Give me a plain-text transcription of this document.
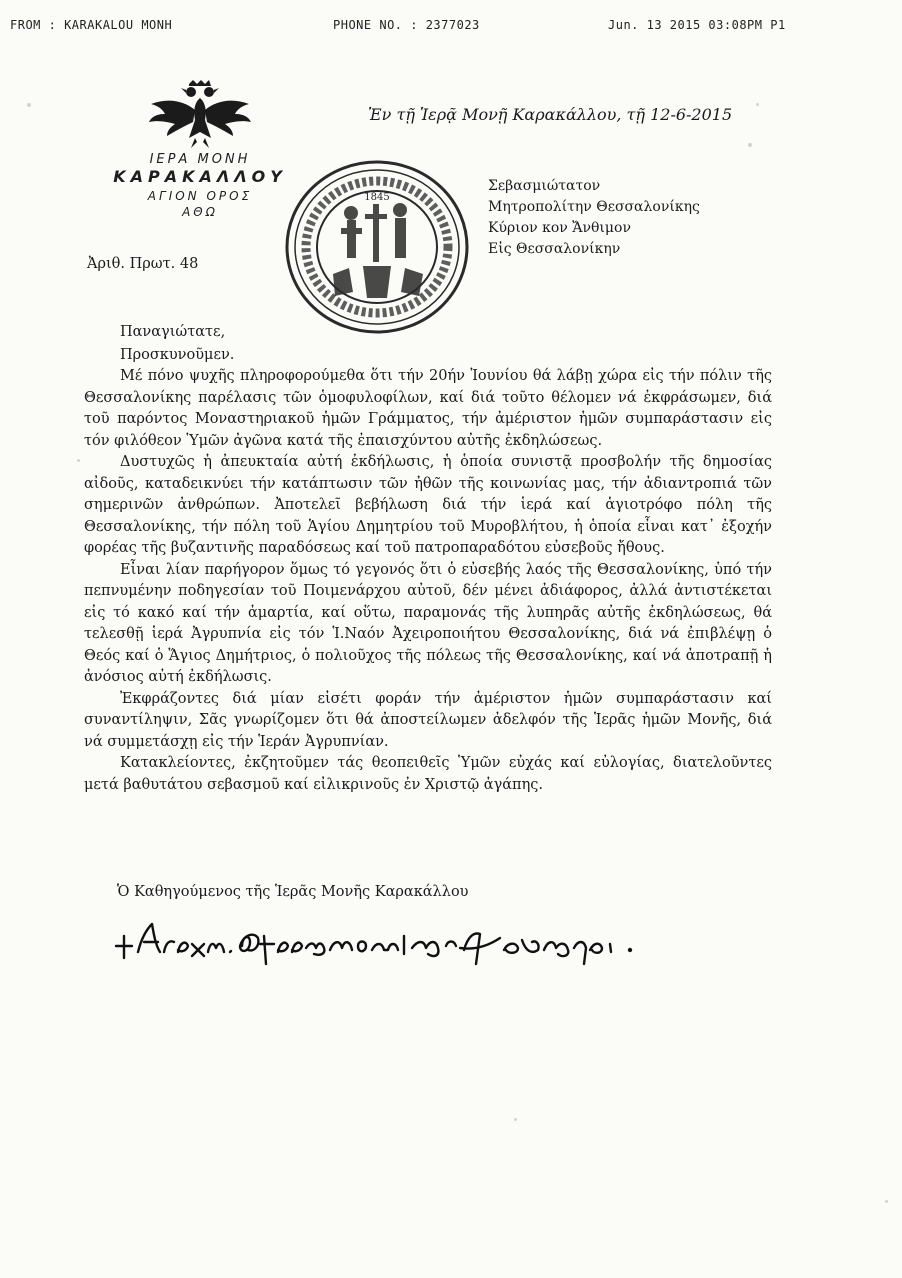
FROM : KARAKALOU MONH	PHONE NO. : 2377023	Jun. 13 2015 03:08PM P1
ΙΕΡΑ ΜΟΝΗ
ΚΑΡΑΚΑΛΛΟΥ
ΑΓΙΟΝ ΟΡΟΣ
ΑΘΩ
Ἀριθ. Πρωτ. 48
1845
Ἐν τῇ Ἱερᾷ Μονῇ Καρακάλλου, τῇ 12-6-2015
Σεβασμιώτατον
Μητροπολίτην Θεσσαλονίκης
Κύριον κον Ἄνθιμον
Εἰς Θεσσαλονίκην
Παναγιώτατε,
Προσκυνοῦμεν.

Μέ πόνο ψυχῆς πληροφορούμεθα ὅτι τήν 20ήν Ἰουνίου θά λάβῃ χώρα εἰς τήν πόλιν τῆς Θεσσαλονίκης παρέλασις τῶν ὁμοφυλοφίλων, καί διά τοῦτο θέλομεν νά ἐκφράσωμεν, διά τοῦ παρόντος Μοναστηριακοῦ ἡμῶν Γράμματος, τήν ἀμέριστον ἡμῶν συμπαράστασιν εἰς τόν φιλόθεον Ὑμῶν ἀγῶνα κατά τῆς ἐπαισχύντου αὐτῆς ἐκδηλώσεως.

Δυστυχῶς ἡ ἀπευκταία αὐτή ἐκδήλωσις, ἡ ὁποία συνιστᾷ προσβολήν τῆς δημοσίας αἰδοῦς, καταδεικνύει τήν κατάπτωσιν τῶν ἠθῶν τῆς κοινωνίας μας, τήν ἀδιαντροπιά τῶν σημερινῶν ἀνθρώπων. Ἀποτελεῖ βεβήλωση διά τήν ἱερά καί ἁγιοτρόφο πόλη τῆς Θεσσαλονίκης, τήν πόλη τοῦ Ἁγίου Δημητρίου τοῦ Μυροβλήτου, ἡ ὁποία εἶναι κατ᾽ ἐξοχήν φορέας τῆς βυζαντινῆς παραδόσεως καί τοῦ πατροπαραδότου εὐσεβοῦς ἤθους.

Εἶναι λίαν παρήγορον ὅμως τό γεγονός ὅτι ὁ εὐσεβής λαός τῆς Θεσσαλονίκης, ὑπό τήν πεπνυμένην ποδηγεσίαν τοῦ Ποιμενάρχου αὐτοῦ, δέν μένει ἀδιάφορος, ἀλλά ἀντιστέκεται εἰς τό κακό καί τήν ἁμαρτία, καί οὕτω, παραμονάς τῆς λυπηρᾶς αὐτῆς ἐκδηλώσεως, θά τελεσθῇ ἱερά Ἀγρυπνία εἰς τόν Ἱ.Ναόν Ἀχειροποιήτου Θεσσαλονίκης, διά νά ἐπιβλέψῃ ὁ Θεός καί ὁ Ἅγιος Δημήτριος, ὁ πολιοῦχος τῆς πόλεως τῆς Θεσσαλονίκης, καί νά ἀποτραπῇ ἡ ἀνόσιος αὐτή ἐκδήλωσις.

Ἐκφράζοντες διά μίαν εἰσέτι φοράν τήν ἀμέριστον ἡμῶν συμπαράστασιν καί συναντίληψιν, Σᾶς γνωρίζομεν ὅτι θά ἀποστείλωμεν ἀδελφόν τῆς Ἱερᾶς ἡμῶν Μονῆς, διά νά συμμετάσχῃ εἰς τήν Ἱεράν Ἀγρυπνίαν.

Κατακλείοντες, ἐκζητοῦμεν τάς θεοπειθεῖς Ὑμῶν εὐχάς καί εὐλογίας, διατελοῦντες μετά βαθυτάτου σεβασμοῦ καί εἰλικρινοῦς ἐν Χριστῷ ἀγάπης.

Ὁ Καθηγούμενος τῆς Ἱερᾶς Μονῆς Καρακάλλου
